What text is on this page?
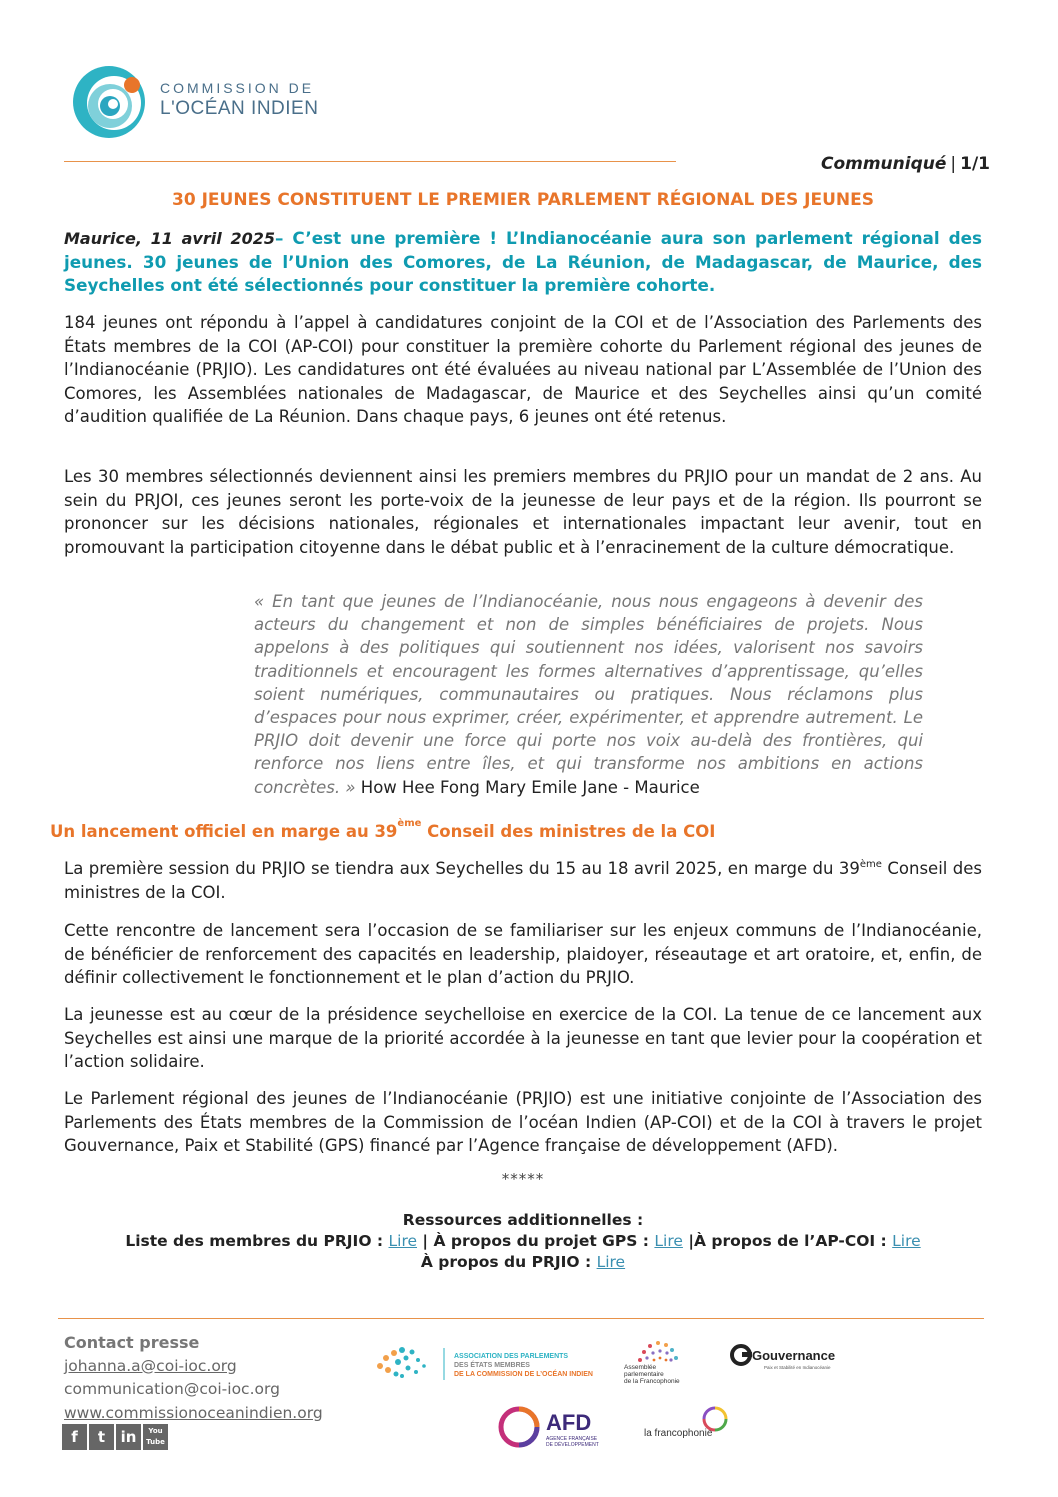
COMMISSION DE
L'OCÉAN INDIEN
Communiqué | 1/1
30 JEUNES CONSTITUENT LE PREMIER PARLEMENT RÉGIONAL DES JEUNES
Maurice, 11 avril 2025– C’est une première ! L’Indianocéanie aura son parlement régional des jeunes. 30 jeunes de l’Union des Comores, de La Réunion, de Madagascar, de Maurice, des Seychelles ont été sélectionnés pour constituer la première cohorte.
184 jeunes ont répondu à l’appel à candidatures conjoint de la COI et de l’Association des Parlements des États membres de la COI (AP-COI) pour constituer la première cohorte du Parlement régional des jeunes de l’Indianocéanie (PRJIO). Les candidatures ont été évaluées au niveau national par L’Assemblée de l’Union des Comores, les Assemblées nationales de Madagascar, de Maurice et des Seychelles ainsi qu’un comité d’audition qualifiée de La Réunion. Dans chaque pays, 6 jeunes ont été retenus.
Les 30 membres sélectionnés deviennent ainsi les premiers membres du PRJIO pour un mandat de 2 ans. Au sein du PRJOI, ces jeunes seront les porte-voix de la jeunesse de leur pays et de la région. Ils pourront se prononcer sur les décisions nationales, régionales et internationales impactant leur avenir, tout en promouvant la participation citoyenne dans le débat public et à l’enracinement de la culture démocratique.
« En tant que jeunes de l’Indianocéanie, nous nous engageons à devenir des acteurs du changement et non de simples bénéficiaires de projets. Nous appelons à des politiques qui soutiennent nos idées, valorisent nos savoirs traditionnels et encouragent les formes alternatives d’apprentissage, qu’elles soient numériques, communautaires ou pratiques. Nous réclamons plus d’espaces pour nous exprimer, créer, expérimenter, et apprendre autrement. Le PRJIO doit devenir une force qui porte nos voix au-delà des frontières, qui renforce nos liens entre îles, et qui transforme nos ambitions en actions concrètes. » How Hee Fong Mary Emile Jane - Maurice
Un lancement officiel en marge au 39ème Conseil des ministres de la COI
La première session du PRJIO se tiendra aux Seychelles du 15 au 18 avril 2025, en marge du 39ème Conseil des ministres de la COI.
Cette rencontre de lancement sera l’occasion de se familiariser sur les enjeux communs de l’Indianocéanie, de bénéficier de renforcement des capacités en leadership, plaidoyer, réseautage et art oratoire, et, enfin, de définir collectivement le fonctionnement et le plan d’action du PRJIO.
La jeunesse est au cœur de la présidence seychelloise en exercice de la COI. La tenue de ce lancement aux Seychelles est ainsi une marque de la priorité accordée à la jeunesse en tant que levier pour la coopération et l’action solidaire.
Le Parlement régional des jeunes de l’Indianocéanie (PRJIO) est une initiative conjointe de l’Association des Parlements des États membres de la Commission de l’océan Indien (AP-COI) et de la COI à travers le projet Gouvernance, Paix et Stabilité (GPS) financé par l’Agence française de développement (AFD).
*****
Ressources additionnelles :
Liste des membres du PRJIO : Lire | À propos du projet GPS : Lire |À propos de l’AP-COI : Lire
À propos du PRJIO : Lire
Contact presse
johanna.a@coi-ioc.org
communication@coi-ioc.org
www.commissionoceanindien.org
f	t	in	You Tube
ASSOCIATION DES PARLEMENTS
DES ÉTATS MEMBRES
DE LA COMMISSION DE L’OCÉAN INDIEN
Assemblée
parlementaire
de la Francophonie
Gouvernance
Paix et Stabilité en Indianocéanie
AFD
AGENCE FRANÇAISE
DE DÉVELOPPEMENT
la francophonie
